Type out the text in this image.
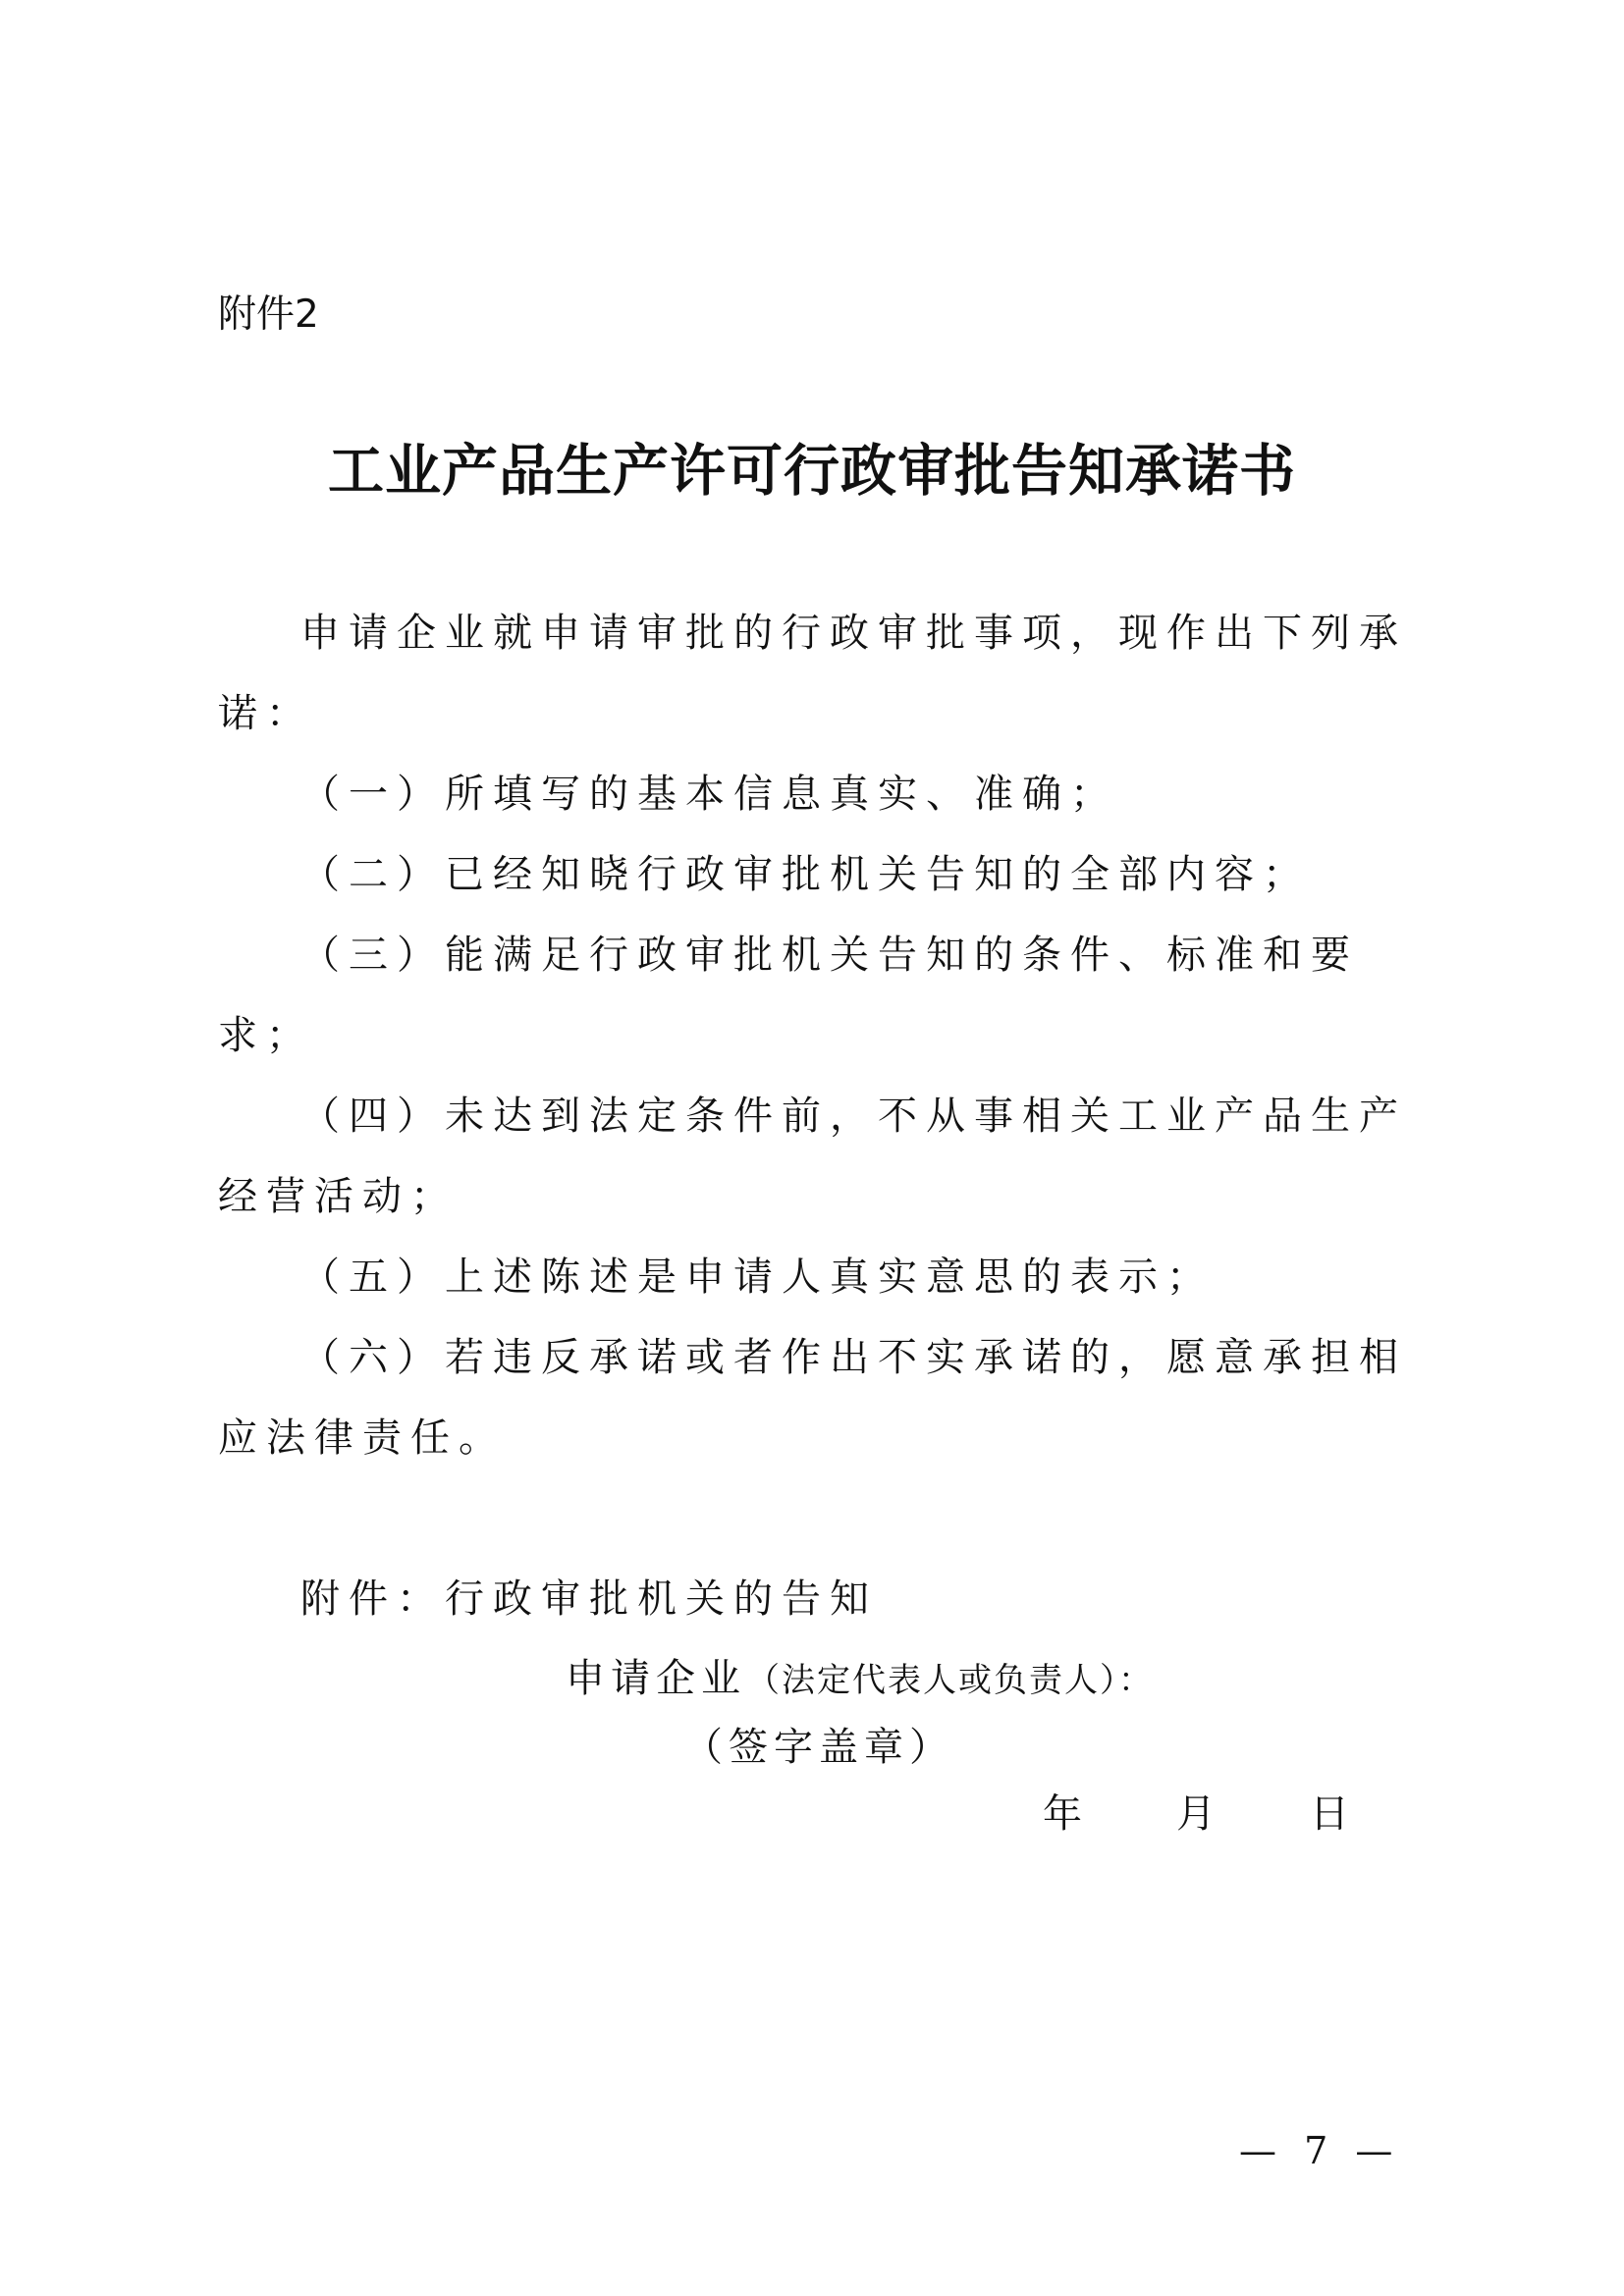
附件2
工业产品生产许可行政审批告知承诺书

申请企业就申请审批的行政审批事项，现作出下列承诺：

（一）所填写的基本信息真实、准确；

（二）已经知晓行政审批机关告知的全部内容；

（三）能满足行政审批机关告知的条件、标准和要求；

（四）未达到法定条件前，不从事相关工业产品生产经营活动；

（五）上述陈述是申请人真实意思的表示；

（六）若违反承诺或者作出不实承诺的，愿意承担相应法律责任。

附件：行政审批机关的告知

申请企业（法定代表人或负责人）：
（签字盖章）
年 月 日
— 7 —
